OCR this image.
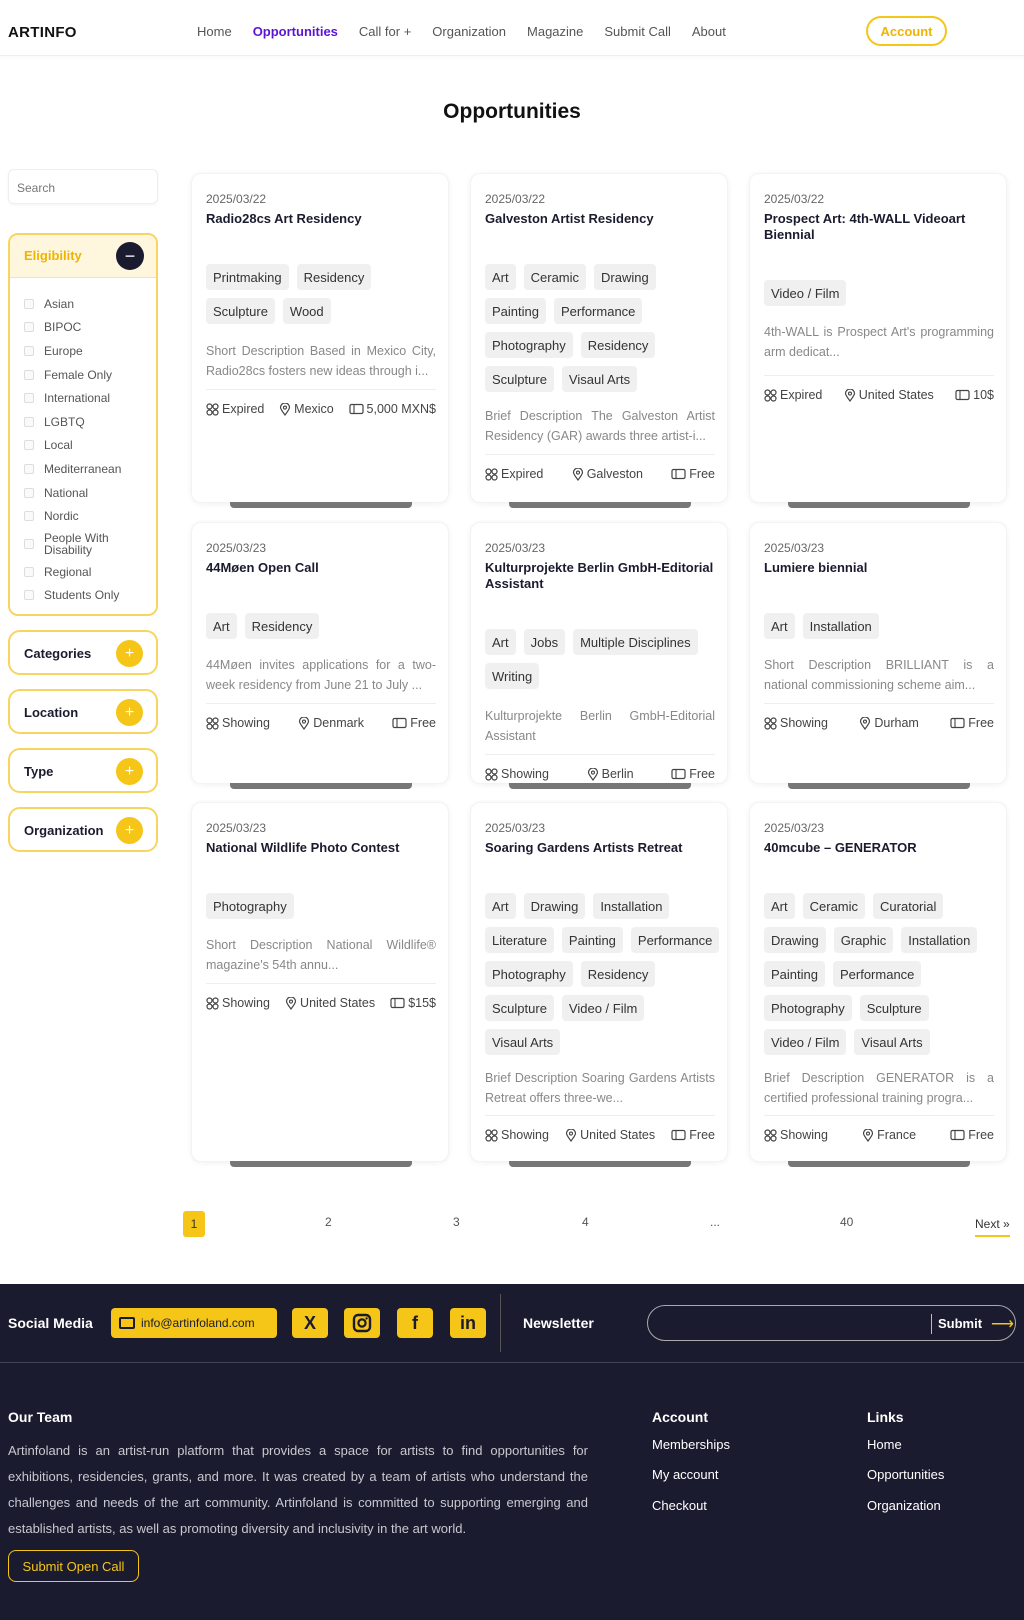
ARTINFO	Home Opportunities Call for + Organization Magazine Submit Call About	Account
Opportunities
Search
Eligibility	−
Asian
BIPOC
Europe
Female Only
International
LGBTQ
Local
Mediterranean
National
Nordic
People With Disability
Regional
Students Only
Categories	+
Location	+
Type	+
Organization	+
2025/03/22
Radio28cs Art Residency
Printmaking	Residency
Sculpture	Wood
Short Description Based in Mexico City, Radio28cs fosters new ideas through i...
Expired Mexico	5,000 MXN$
2025/03/22
Galveston Artist Residency
Art	Ceramic	Drawing
Painting	Performance
Photography	Residency
Sculpture	Visaul Arts
Brief Description The Galveston Artist Residency (GAR) awards three artist-i...
Expired	Galveston	Free
2025/03/22
Prospect Art: 4th-WALL Videoart Biennial
Video / Film
4th-WALL is Prospect Art's programming arm dedicat...
Expired	United States	10$
2025/03/23
44Møen Open Call
Art	Residency
44Møen invites applications for a two-week residency from June 21 to July ...
Showing	Denmark	Free
2025/03/23
Kulturprojekte Berlin GmbH-Editorial Assistant
Art	Jobs	Multiple Disciplines
Writing
Kulturprojekte Berlin GmbH-Editorial Assistant
Showing	Berlin	Free
2025/03/23
Lumiere biennial
Art	Installation
Short Description BRILLIANT is a national commissioning scheme aim...
Showing	Durham	Free
2025/03/23
National Wildlife Photo Contest
Photography
Short Description National Wildlife® magazine's 54th annu...
Showing United States	$15$
2025/03/23
Soaring Gardens Artists Retreat
Art	Drawing	Installation
Literature	Painting	Performance
Photography	Residency
Sculpture	Video / Film
Visaul Arts
Brief Description Soaring Gardens Artists Retreat offers three-we...
Showing United States	Free
2025/03/23
40mcube – GENERATOR
Art	Ceramic	Curatorial
Drawing	Graphic	Installation
Painting	Performance
Photography	Sculpture
Video / Film	Visaul Arts
Brief Description GENERATOR is a certified professional training progra...
Showing	France	Free
1	2	3	4	...	40	Next »
Social Media	info@artinfoland.com	X	f	in	Newsletter	Submit ⟶
Our Team
Artinfoland is an artist-run platform that provides a space for artists to find opportunities for exhibitions, residencies, grants, and more. It was created by a team of artists who understand the challenges and needs of the art community. Artinfoland is committed to supporting emerging and established artists, as well as promoting diversity and inclusivity in the art world.
Submit Open Call
Account
Memberships
My account
Checkout
Links
Home
Opportunities
Organization
